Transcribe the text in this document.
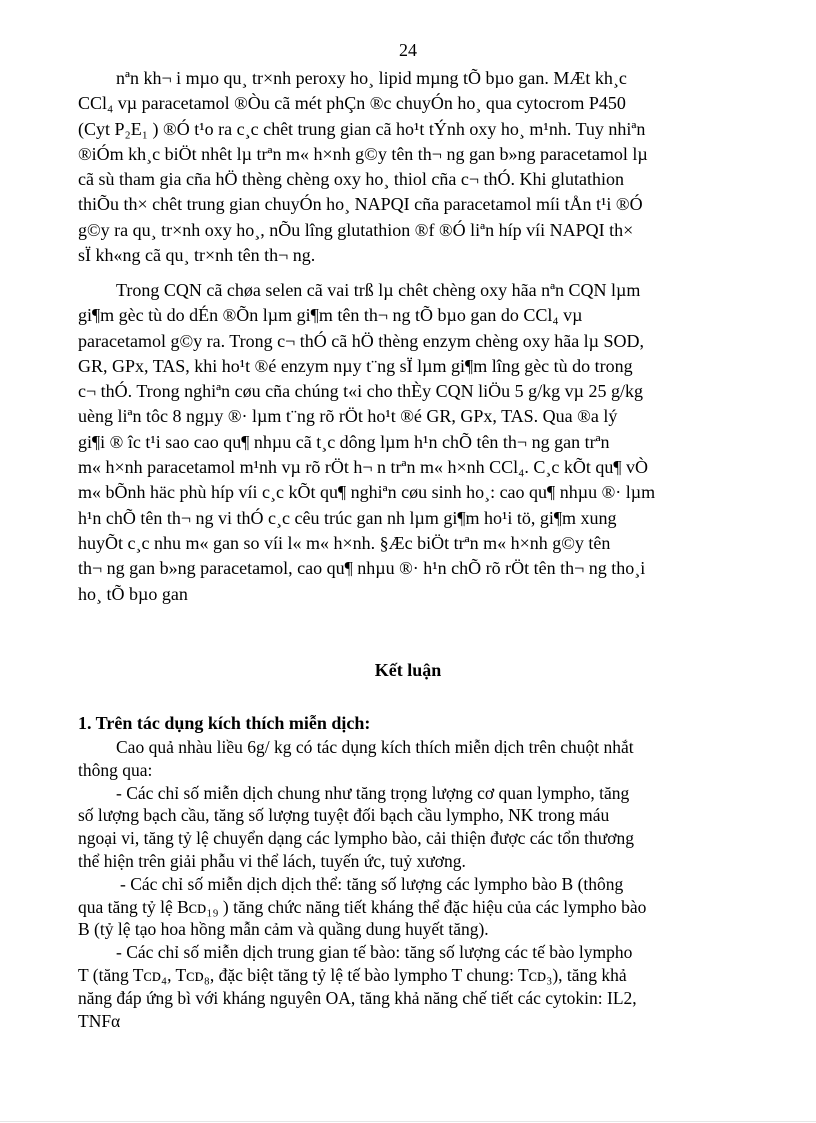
24

nªn kh¬ i mµo qu¸ tr×nh peroxy ho¸ lipid mµng tÕ bµo gan. MÆt kh¸c
CCl₄ vµ paracetamol ®Òu cã mét phÇn ®c chuyÓn ho¸ qua cytocrom P450
(Cyt P₂E₁ ) ®Ó t¹o ra c¸c chêt trung gian cã ho¹t tÝnh oxy ho¸ m¹nh. Tuy nhiªn
®iÓm kh¸c biÖt nhêt lµ trªn m« h×nh g©y tên th¬ ng gan b»ng paracetamol lµ
cã sù tham gia cña hÖ thèng chèng oxy ho¸ thiol cña c¬ thÓ. Khi glutathion
thiÕu th× chêt trung gian chuyÓn ho¸ NAPQI cña paracetamol míi tÅn t¹i ®Ó
g©y ra qu¸ tr×nh oxy ho¸, nÕu lîng glutathion ®f ®Ó liªn híp víi NAPQI th×
sÏ kh«ng cã qu¸ tr×nh tên th¬ ng.

Trong CQN cã chøa selen cã vai trß lµ chêt chèng oxy hãa nªn CQN lµm
gi¶m gèc tù do dÉn ®Õn lµm gi¶m tên th¬ ng tÕ bµo gan do CCl₄ vµ
paracetamol g©y ra. Trong c¬ thÓ cã hÖ thèng enzym chèng oxy hãa lµ SOD,
GR, GPx, TAS, khi ho¹t ®é enzym nµy t¨ng sÏ lµm gi¶m lîng gèc tù do trong
c¬ thÓ. Trong nghiªn cøu cña chúng t«i cho thÈy CQN liÖu 5 g/kg vµ 25 g/kg
uèng liªn tôc 8 ngµy ®· lµm t¨ng rõ rÖt ho¹t ®é GR, GPx, TAS. Qua ®a lý
gi¶i ® îc t¹i sao cao qu¶ nhµu cã t¸c dông lµm h¹n chÕ tên th¬ ng gan trªn
m« h×nh paracetamol m¹nh vµ rõ rÖt h¬ n trªn m« h×nh CCl₄. C¸c kÕt qu¶ vÒ
m« bÕnh häc phù híp víi c¸c kÕt qu¶ nghiªn cøu sinh ho¸: cao qu¶ nhµu ®· lµm
h¹n chÕ tên th¬ ng vi thÓ c¸c cêu trúc gan nh lµm gi¶m ho¹i tö, gi¶m xung
huyÕt c¸c nhu m« gan so víi l« m« h×nh. §Æc biÖt trªn m« h×nh g©y tên
th¬ ng gan b»ng paracetamol, cao qu¶ nhµu ®· h¹n chÕ rõ rÖt tên th¬ ng tho¸i
ho¸ tÕ bµo gan

Kết luận
1. Trên tác dụng kích thích miễn dịch:

Cao quả nhàu liều 6g/ kg có tác dụng kích thích miễn dịch trên chuột nhắt
thông qua:
- Các chỉ số miễn dịch chung như tăng trọng lượng cơ quan lympho, tăng
số lượng bạch cầu, tăng số lượng tuyệt đối bạch cầu lympho, NK trong máu
ngoại vi, tăng tỷ lệ chuyển dạng các lympho bào, cải thiện được các tổn thương
thể hiện trên giải phẫu vi thể lách, tuyến ức, tuỷ xương.
- Các chỉ số miễn dịch dịch thể: tăng số lượng các lympho bào B (thông
qua tăng tỷ lệ Bᴄᴅ₁₉ ) tăng chức năng tiết kháng thể đặc hiệu của các lympho bào
B (tỷ lệ tạo hoa hồng mẫn cảm và quầng dung huyết tăng).
- Các chỉ số miễn dịch trung gian tế bào: tăng số lượng các tế bào lympho
T (tăng Tᴄᴅ₄, Tᴄᴅ₈, đặc biệt tăng tỷ lệ tế bào lympho T chung: Tᴄᴅ₃), tăng khả
năng đáp ứng bì với kháng nguyên OA, tăng khả năng chế tiết các cytokin: IL2,
TNFα
